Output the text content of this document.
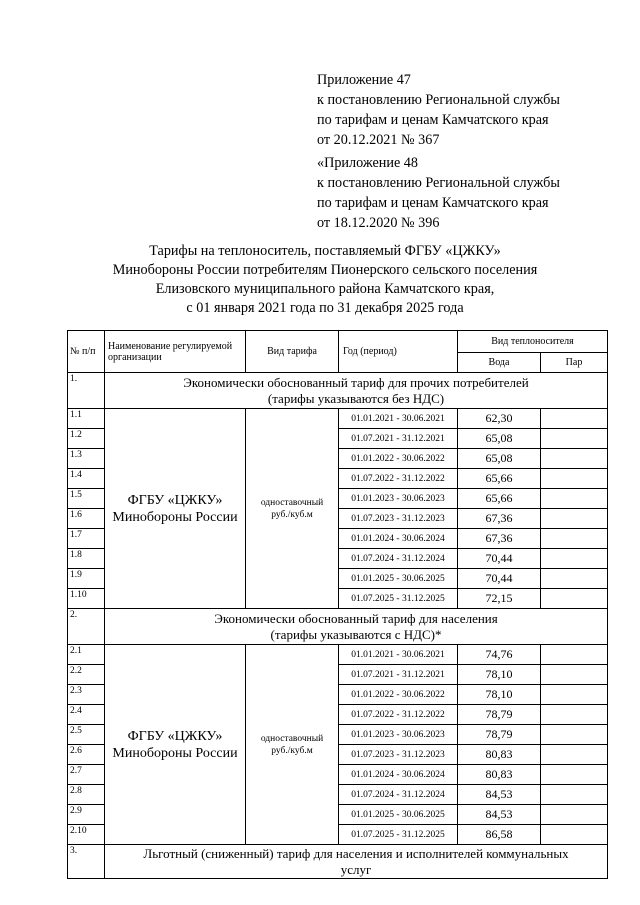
Приложение 47
к постановлению Региональной службы
по тарифам и ценам Камчатского края
от 20.12.2021 № 367
«Приложение 48
к постановлению Региональной службы
по тарифам и ценам Камчатского края
от 18.12.2020 № 396
Тарифы на теплоноситель, поставляемый ФГБУ «ЦЖКУ»
Минобороны России потребителям Пионерского сельского поселения
Елизовского муниципального района Камчатского края,
с 01 января 2021 года по 31 декабря 2025 года
№ п/п	Наименование регулируемой организации	Вид тарифа	Год (период)	Вид теплоносителя	
				Вода	Пар
1.	Экономически обоснованный тариф для прочих потребителей
(тарифы указываются без НДС)				

1.1	ФГБУ «ЦЖКУ» Минобороны России	одноставочный
руб./куб.м	01.01.2021 - 30.06.2021	62,30	
1.2			01.07.2021 - 31.12.2021	65,08	
1.3			01.01.2022 - 30.06.2022	65,08	
1.4			01.07.2022 - 31.12.2022	65,66	
1.5			01.01.2023 - 30.06.2023	65,66	
1.6			01.07.2023 - 31.12.2023	67,36	
1.7			01.01.2024 - 30.06.2024	67,36	
1.8			01.07.2024 - 31.12.2024	70,44	
1.9			01.01.2025 - 30.06.2025	70,44	
1.10			01.07.2025 - 31.12.2025	72,15	
2.	Экономически обоснованный тариф для населения
(тарифы указываются с НДС)*				

2.1	ФГБУ «ЦЖКУ» Минобороны России	одноставочный
руб./куб.м	01.01.2021 - 30.06.2021	74,76	
2.2			01.07.2021 - 31.12.2021	78,10	
2.3			01.01.2022 - 30.06.2022	78,10	
2.4			01.07.2022 - 31.12.2022	78,79	
2.5			01.01.2023 - 30.06.2023	78,79	
2.6			01.07.2023 - 31.12.2023	80,83	
2.7			01.01.2024 - 30.06.2024	80,83	
2.8			01.07.2024 - 31.12.2024	84,53	
2.9			01.01.2025 - 30.06.2025	84,53	
2.10			01.07.2025 - 31.12.2025	86,58	
3.	Льготный (сниженный) тариф для населения и исполнителей коммунальных
услуг				
